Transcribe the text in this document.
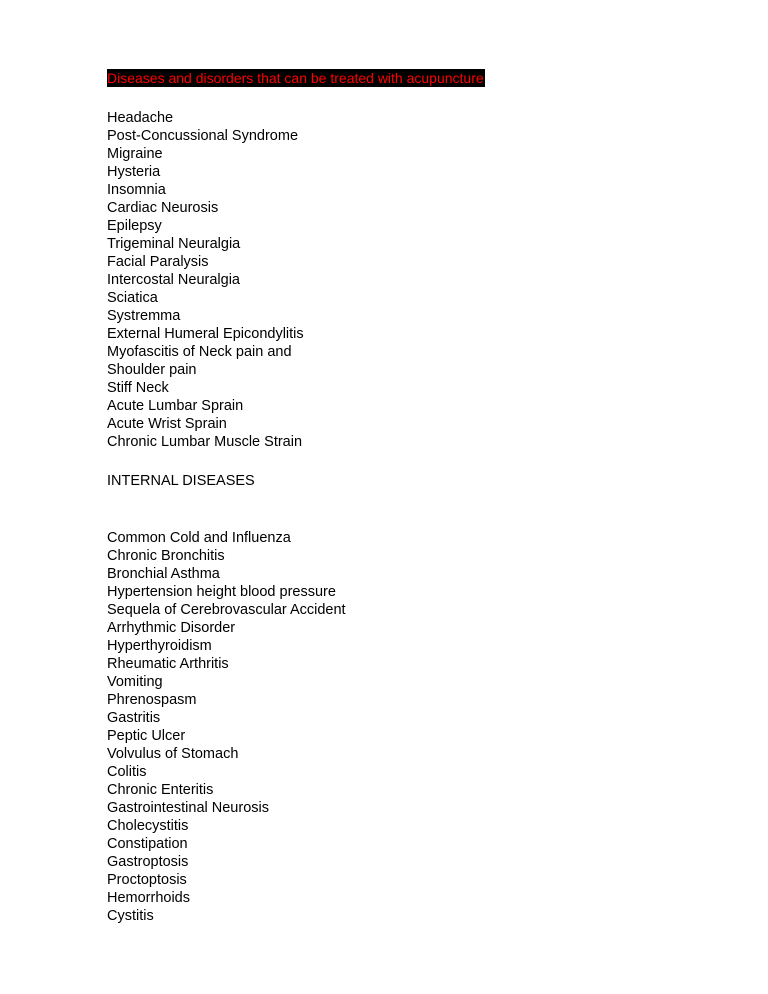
Diseases and disorders that can be treated with acupuncture
Headache
Post-Concussional Syndrome
Migraine
Hysteria
Insomnia
Cardiac Neurosis
Epilepsy
Trigeminal Neuralgia
Facial Paralysis
Intercostal Neuralgia
Sciatica
Systremma
External Humeral Epicondylitis
Myofascitis of Neck pain and
Shoulder pain
Stiff Neck
Acute Lumbar Sprain
Acute Wrist Sprain
Chronic Lumbar Muscle Strain
INTERNAL DISEASES
Common Cold and Influenza
Chronic Bronchitis
Bronchial Asthma
Hypertension height blood pressure
Sequela of Cerebrovascular Accident
Arrhythmic Disorder
Hyperthyroidism
Rheumatic Arthritis
Vomiting
Phrenospasm
Gastritis
Peptic Ulcer
Volvulus of Stomach
Colitis
Chronic Enteritis
Gastrointestinal Neurosis
Cholecystitis
Constipation
Gastroptosis
Proctoptosis
Hemorrhoids
Cystitis
